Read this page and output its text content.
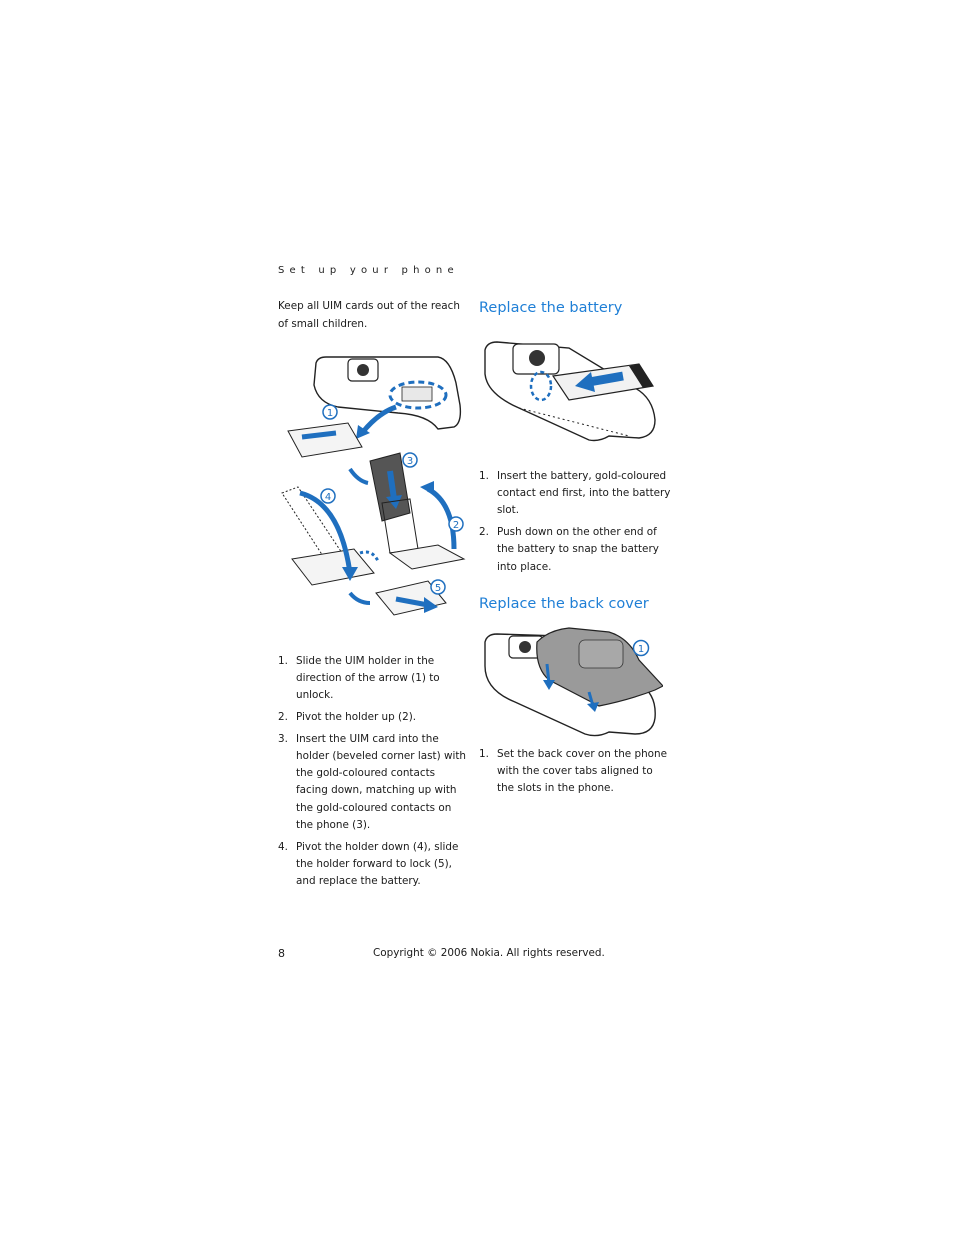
Set up your phone

Keep all UIM cards out of the reach of small children.

1
3
2
4
5
1. Slide the UIM holder in the direction of the arrow (1) to unlock.
2. Pivot the holder up (2).
3. Insert the UIM card into the holder (beveled corner last) with the gold-coloured contacts facing down, matching up with the gold-coloured contacts on the phone (3).
4. Pivot the holder down (4), slide the holder forward to lock (5), and replace the battery.
Replace the battery
1. Insert the battery, gold-coloured contact end first, into the battery slot.
2. Push down on the other end of the battery to snap the battery into place.
Replace the back cover
1
1. Set the back cover on the phone with the cover tabs aligned to the slots in the phone.
8	Copyright © 2006 Nokia. All rights reserved.
